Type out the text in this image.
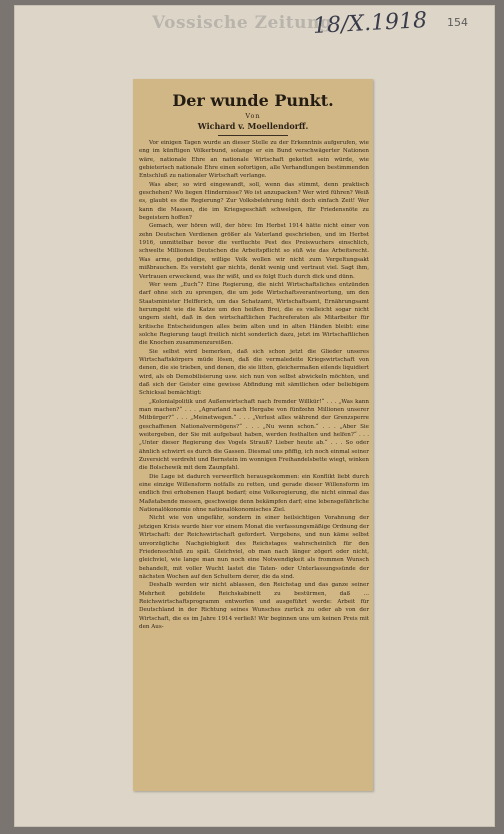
Vossische Zeitung
18/X.1918 154
Der wunde Punkt.
Von
Wichard v. Moellendorff.

Vor einigen Tagen wurde an dieser Stelle zu der Erkenntnis aufgerufen, wie eng im künftigen Völkerbund, solange er ein Bund verschwägerter Nationen wäre, nationale Ehre an nationale Wirtschaft gekettet sein würde, wie gebieterisch nationale Ehre einen sofortigen, alle Verhandlungen bestimmenden Entschluß zu nationaler Wirtschaft verlange.

Was aber, so wird eingewandt, soll, wenn das stimmt, denn praktisch geschehen? Wo liegen Hindernisse? Wo ist anzupacken? Wer wird führen? Weiß es, glaubt es die Regierung? Zur Volksbelehrung fehlt doch einfach Zeit! Wer kann die Massen, die im Kriegsgeschäft schwelgen, für Friedensnöte zu begeistern hoffen?

Gemach, wer hören will, der höre: Im Herbst 1914 hätte nicht einer von zehn Deutschen Verdienen größer als Vaterland geschrieben, und im Herbst 1916, unmittelbar bevor die verfluchte Pest des Preiswuchers einschlich, schwelte Millionen Deutschen die Arbeitspflicht so süß wie das Arbeitsrecht. Was arme, geduldige, willige Volk wollen wir nicht zum Vergeltungsakt mißbrauchen. Es versteht gar nichts, denkt wenig und vertraut viel. Sagt ihm, Vertrauen erweckend, was ihr wißt, und es folgt Euch durch dick und dünn.

Wer wem „Euch“? Eine Regierung, die nicht Wirtschaftsliches entzünden darf ohne sich zu sprengen, die um jede Wirtschaftsverantwortung, um den Staatsminister Helfferich, um das Schatzamt, Wirtschaftsamt, Ernährungsamt herumgeht wie die Katze um den heißen Brei, die es vielleicht sogar nicht ungern sieht, daß in den wirtschaftlichen Fachreferaten als Mitarbeiter für kritische Entscheidungen alles beim alten und in alten Händen bleibt: eine solche Regierung taugt freilich nicht sonderlich dazu, jetzt im Wirtschaftlichen die Knochen zusammenzureißen.

Sie selbst wird bemerken, daß sich schon jetzt die Glieder unseres Wirtschaftskörpers müde lösen, daß die vermaledeite Kriegswirtschaft von denen, die sie trieben, und denen, die sie litten, gleichermaßen eilends liquidiert wird, als ob Demobilisierung usw. sich nun von selbst abwickeln möchten, und daß sich der Geister eine gewisse Abfindung mit sämtlichen oder beliebigem Schicksal bemächtigt:

„Kolonialpolitik und Außenwirtschaft nach fremder Willkür!“ . . . „Was kann man machen?“ . . . „Agrarland nach Hergabe von fünfzehn Millionen unserer Mitbürger?“ . . . „Meinetwegen.“ . . . „Verlust alles während der Grenzsperre geschaffenen Nationalvermögens?“ . . . „Nu wenn schon.“ . . . „Aber Sie weitergeben, der Sie mit aufgebaut haben, werden festhalten und helfen?“ . . . „Unter dieser Regierung des Vogels Strauß? Lieber heute ab.“ . . . So oder ähnlich schwirrt es durch die Gassen. Diesmal uns pfiffig, ich noch einmal seiner Zuversicht verdreht und Bernstein im wonnigen Freihandelsbette wiegt, winken die Bolschewik mit dem Zaunpfahl.

Die Lage ist dadurch verwerflich herausgekommen: ein Konflikt liebt durch eine einzige Willensform notfalls zu retten, und gerade dieser Willensform im endlich frei erhobenen Haupt bedarf; eine Volksregierung, die nicht einmal das Maßstabende messen, geschweige denn bekämpfen darf; eine lebensgefährliche Nationalökonomie ohne nationalökonomisches Ziel.

Nicht wie von ungefähr, sondern in einer heilsichtigen Vorahnung der jetzigen Krisis wurde hier vor einem Monat die verfassungsmäßige Ordnung der Wirtschaft: der Reichswirtschaft gefordert. Vergebens, und nun käme selbst unvorzügliche Nachgiebigkeit des Reichstages wahrscheinlich für den Friedensschluß zu spät. Gleichviel, ob man nach länger zögert oder nicht, gleichviel, wie lange man nun noch eine Notwendigkeit als frommen Wunsch behandelt, mit voller Wucht lastet die Taten- oder Unterlassungssünde der nächsten Wochen auf den Schultern derer, die da sind.

Deshalb werden wir nicht ablassen, den Reichstag und das ganze seiner Mehrheit gebildete Reichskabinett zu bestürmen, daß ... Reichswirtschaftsprogramm entworfen und ausgeführt werde: Arbeit für Deutschland in der Richtung seines Wunsches zurück zu oder ab von der Wirtschaft, die es im Jahre 1914 verließ! Wir beginnen uns um keinen Preis mit den Aus-
